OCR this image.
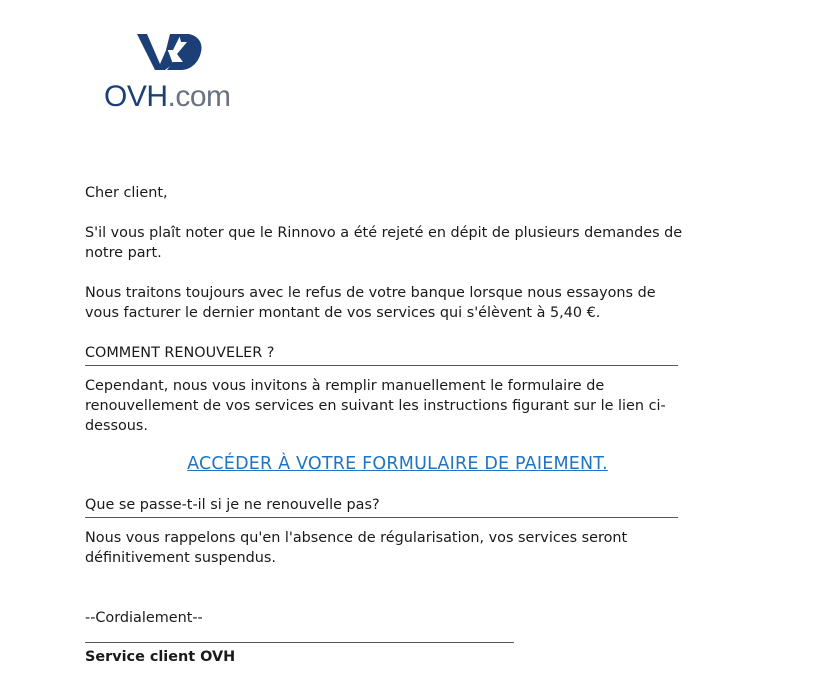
OVH.com

Cher client,

S'il vous plaît noter que le Rinnovo a été rejeté en dépit de plusieurs demandes de notre part.

Nous traitons toujours avec le refus de votre banque lorsque nous essayons de vous facturer le dernier montant de vos services qui s'élèvent à 5,40 €.

COMMENT RENOUVELER ?

Cependant, nous vous invitons à remplir manuellement le formulaire de renouvellement de vos services en suivant les instructions figurant sur le lien ci-dessous.

ACCÉDER À VOTRE FORMULAIRE DE PAIEMENT.

Que se passe-t-il si je ne renouvelle pas?

Nous vous rappelons qu'en l'absence de régularisation, vos services seront définitivement suspendus.

--Cordialement--

Service client OVH
